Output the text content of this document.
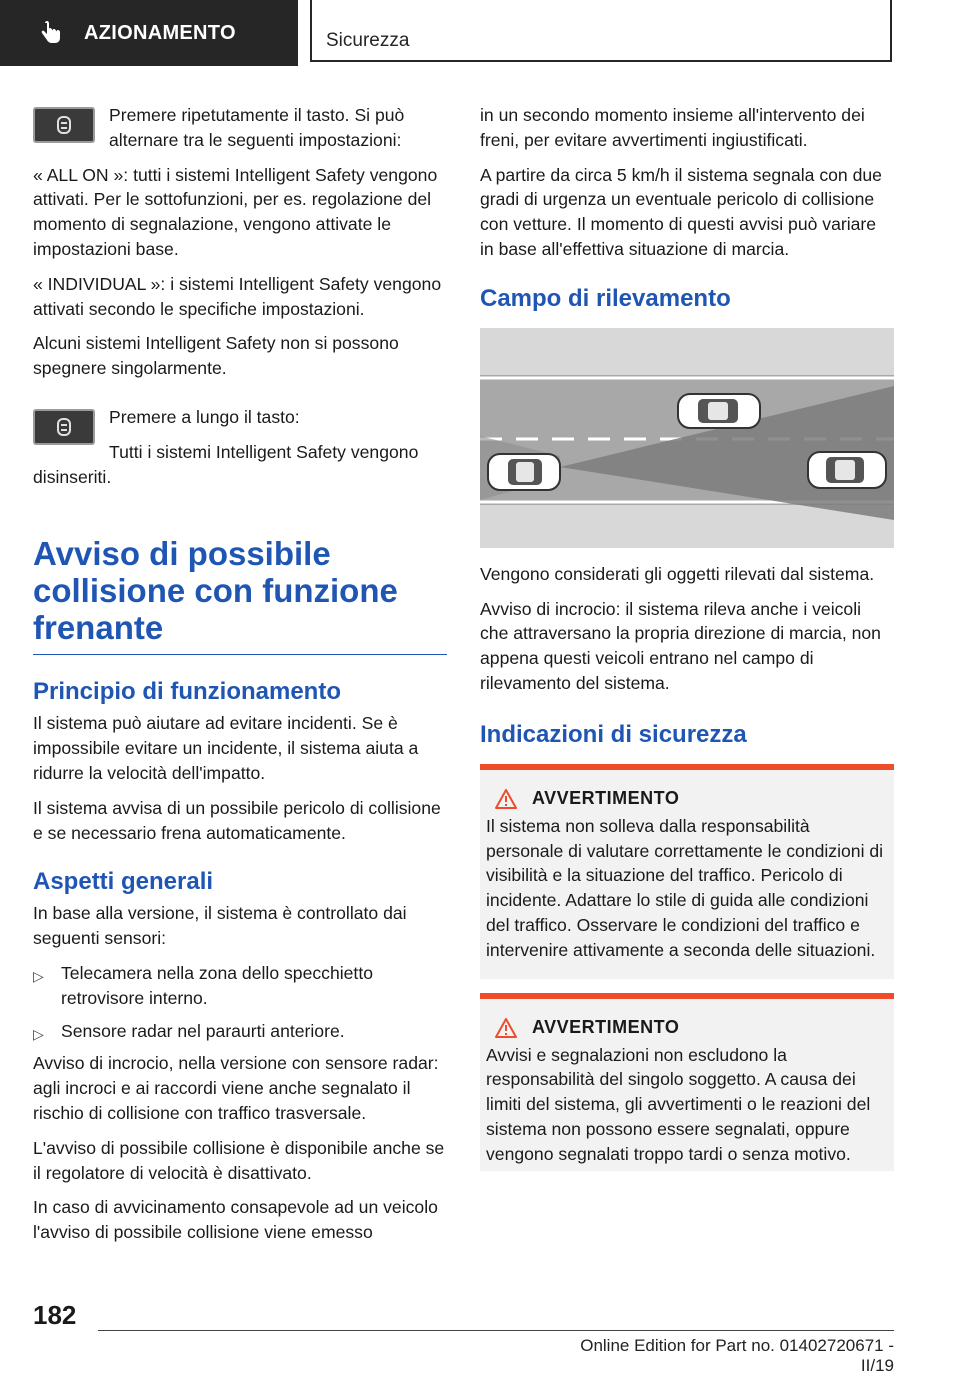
AZIONAMENTO	Sicurezza

Premere ripetutamente il tasto. Si può alternare tra le seguenti impostazioni:

« ALL ON »: tutti i sistemi Intelligent Safety vengono attivati. Per le sottofunzioni, per es. regolazione del momento di segnalazione, vengono attivate le impostazioni base.

« INDIVIDUAL »: i sistemi Intelligent Safety vengono attivati secondo le specifiche impostazioni.

Alcuni sistemi Intelligent Safety non si possono spegnere singolarmente.

Premere a lungo il tasto:

Tutti i sistemi Intelligent Safety vengono disinseriti.

Avviso di possibile collisione con funzione frenante
Principio di funzionamento

Il sistema può aiutare ad evitare incidenti. Se è impossibile evitare un incidente, il sistema aiuta a ridurre la velocità dell'impatto.

Il sistema avvisa di un possibile pericolo di collisione e se necessario frena automaticamente.

Aspetti generali

In base alla versione, il sistema è controllato dai seguenti sensori:

▷ Telecamera nella zona dello specchietto retrovisore interno.
▷ Sensore radar nel paraurti anteriore.

Avviso di incrocio, nella versione con sensore radar: agli incroci e ai raccordi viene anche segnalato il rischio di collisione con traffico trasversale.

L'avviso di possibile collisione è disponibile anche se il regolatore di velocità è disattivato.

In caso di avvicinamento consapevole ad un veicolo l'avviso di possibile collisione viene emesso

in un secondo momento insieme all'intervento dei freni, per evitare avvertimenti ingiustificati.

A partire da circa 5 km/h il sistema segnala con due gradi di urgenza un eventuale pericolo di collisione con vetture. Il momento di questi avvisi può variare in base all'effettiva situazione di marcia.

Campo di rilevamento

Vengono considerati gli oggetti rilevati dal sistema.

Avviso di incrocio: il sistema rileva anche i veicoli che attraversano la propria direzione di marcia, non appena questi veicoli entrano nel campo di rilevamento del sistema.

Indicazioni di sicurezza
AVVERTIMENTO

Il sistema non solleva dalla responsabilità personale di valutare correttamente le condizioni di visibilità e la situazione del traffico. Pericolo di incidente. Adattare lo stile di guida alle condizioni del traffico. Osservare le condizioni del traffico e intervenire attivamente a seconda delle situazioni.

AVVERTIMENTO

Avvisi e segnalazioni non escludono la responsabilità del singolo soggetto. A causa dei limiti del sistema, gli avvertimenti o le reazioni del sistema non possono essere segnalati, oppure vengono segnalati troppo tardi o senza motivo.

182
Online Edition for Part no. 01402720671 - II/19
